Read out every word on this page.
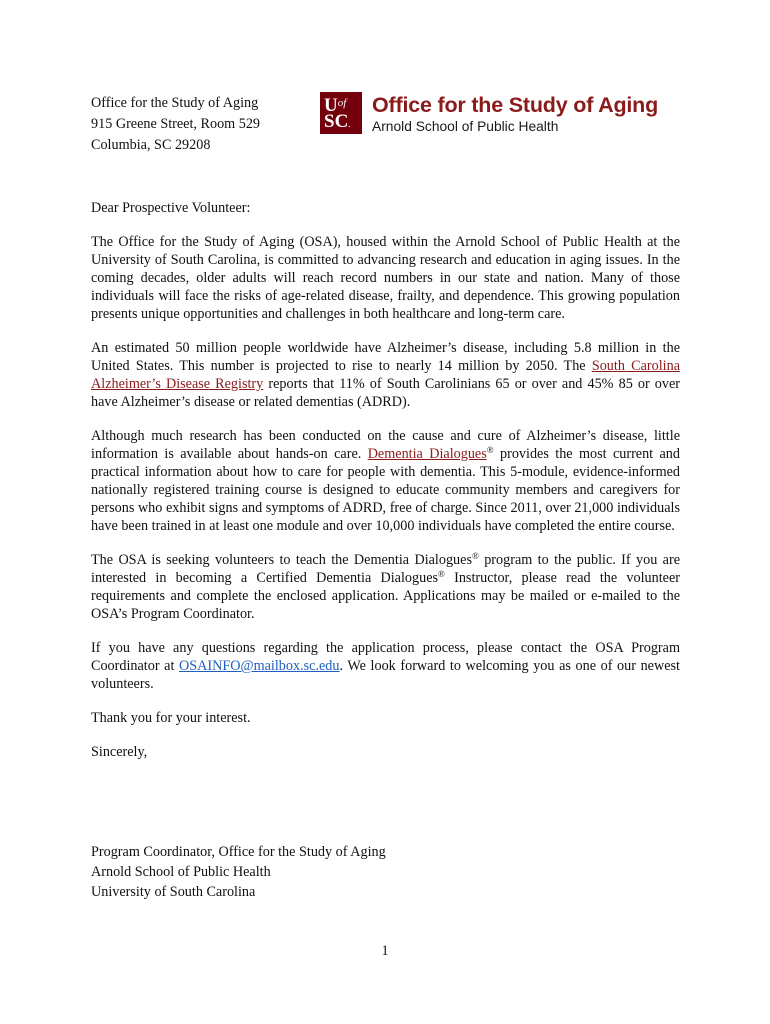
Office for the Study of Aging
915 Greene Street, Room 529
Columbia, SC 29208
$U^{of}$
SC.
Office for the Study of Aging
Arnold School of Public Health

Dear Prospective Volunteer:

The Office for the Study of Aging (OSA), housed within the Arnold School of Public Health at the University of South Carolina, is committed to advancing research and education in aging issues. In the coming decades, older adults will reach record numbers in our state and nation. Many of those individuals will face the risks of age-related disease, frailty, and dependence. This growing population presents unique opportunities and challenges in both healthcare and long-term care.

An estimated 50 million people worldwide have Alzheimer’s disease, including 5.8 million in the United States. This number is projected to rise to nearly 14 million by 2050. The South Carolina Alzheimer’s Disease Registry reports that 11% of South Carolinians 65 or over and 45% 85 or over have Alzheimer’s disease or related dementias (ADRD).

Although much research has been conducted on the cause and cure of Alzheimer’s disease, little information is available about hands-on care. Dementia Dialogues® provides the most current and practical information about how to care for people with dementia. This 5-module, evidence-informed nationally registered training course is designed to educate community members and caregivers for persons who exhibit signs and symptoms of ADRD, free of charge. Since 2011, over 21,000 individuals have been trained in at least one module and over 10,000 individuals have completed the entire course.

The OSA is seeking volunteers to teach the Dementia Dialogues® program to the public. If you are interested in becoming a Certified Dementia Dialogues® Instructor, please read the volunteer requirements and complete the enclosed application. Applications may be mailed or e-mailed to the OSA’s Program Coordinator.

If you have any questions regarding the application process, please contact the OSA Program Coordinator at OSAINFO@mailbox.sc.edu. We look forward to welcoming you as one of our newest volunteers.

Thank you for your interest.

Sincerely,

Program Coordinator, Office for the Study of Aging
Arnold School of Public Health
University of South Carolina
1
